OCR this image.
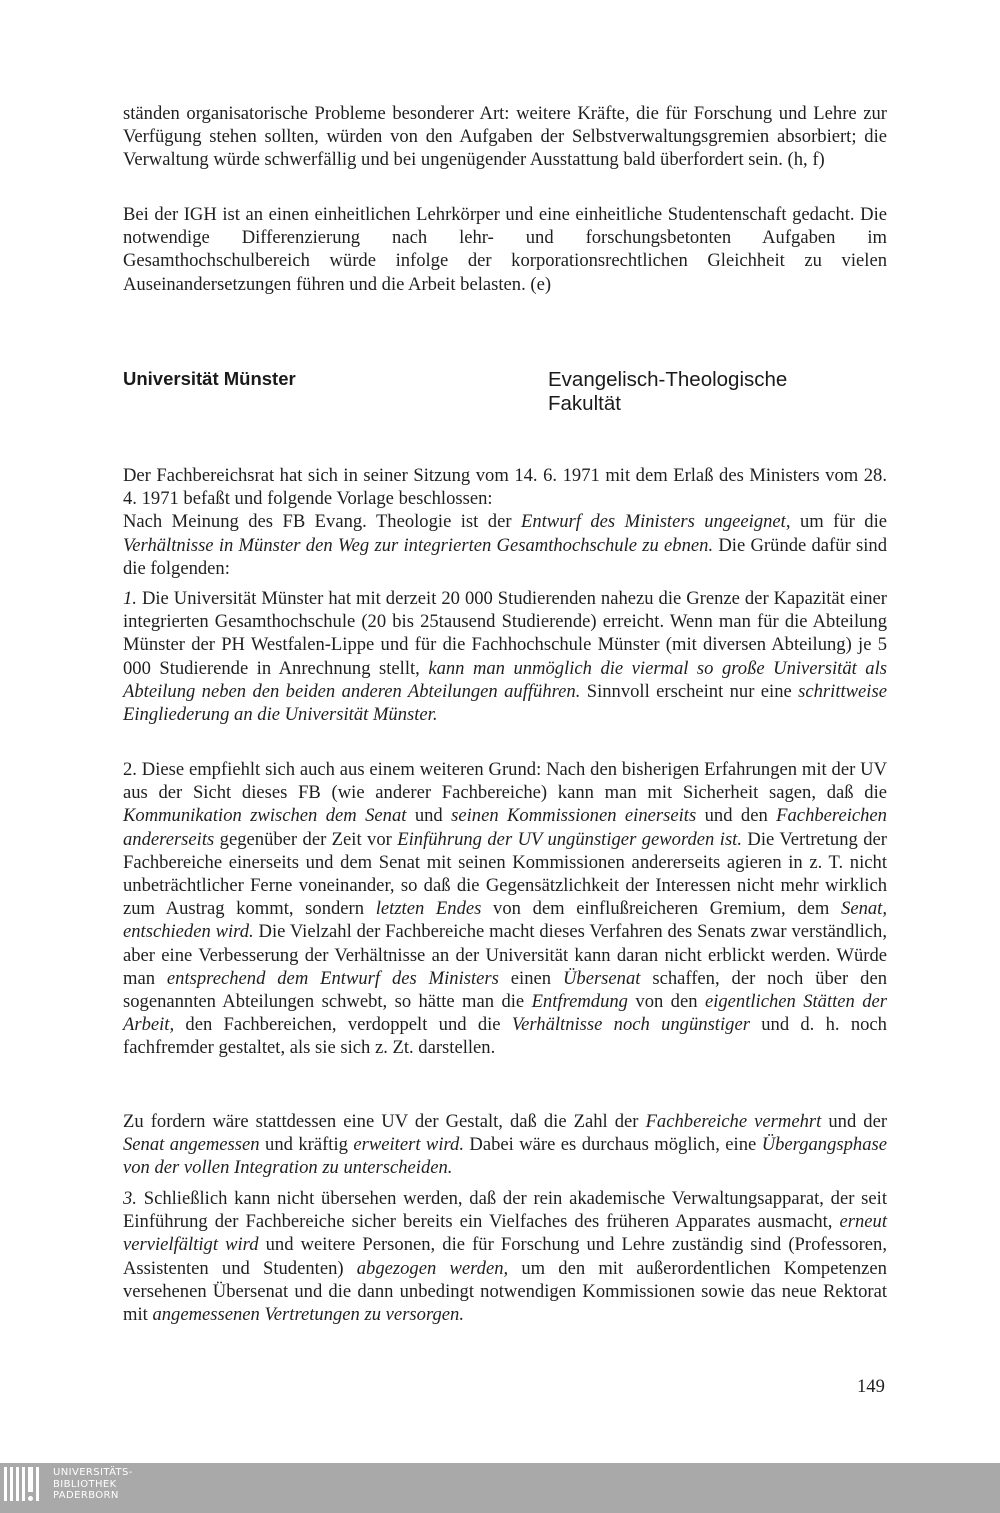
ständen organisatorische Probleme besonderer Art: weitere Kräfte, die für Forschung und Lehre zur Verfügung stehen sollten, würden von den Aufgaben der Selbstverwaltungsgremien absorbiert; die Verwaltung würde schwerfällig und bei ungenügender Ausstattung bald überfordert sein. (h, f)

Bei der IGH ist an einen einheitlichen Lehrkörper und eine einheitliche Studentenschaft gedacht. Die notwendige Differenzierung nach lehr- und forschungsbetonten Aufgaben im Gesamthochschulbereich würde infolge der korporationsrechtlichen Gleichheit zu vielen Auseinandersetzungen führen und die Arbeit belasten. (e)

Universität Münster	Evangelisch-Theologische
Fakultät

Der Fachbereichsrat hat sich in seiner Sitzung vom 14. 6. 1971 mit dem Erlaß des Ministers vom 28. 4. 1971 befaßt und folgende Vorlage beschlossen:
Nach Meinung des FB Evang. Theologie ist der Entwurf des Ministers ungeeignet, um für die Verhältnisse in Münster den Weg zur integrierten Gesamthochschule zu ebnen. Die Gründe dafür sind die folgenden:

1. Die Universität Münster hat mit derzeit 20 000 Studierenden nahezu die Grenze der Kapazität einer integrierten Gesamthochschule (20 bis 25tausend Studierende) erreicht. Wenn man für die Abteilung Münster der PH Westfalen-Lippe und für die Fachhochschule Münster (mit diversen Abteilung) je 5 000 Studierende in Anrechnung stellt, kann man unmöglich die viermal so große Universität als Abteilung neben den beiden anderen Abteilungen aufführen. Sinnvoll erscheint nur eine schrittweise Eingliederung an die Universität Münster.

2. Diese empfiehlt sich auch aus einem weiteren Grund: Nach den bisherigen Erfahrungen mit der UV aus der Sicht dieses FB (wie anderer Fachbereiche) kann man mit Sicherheit sagen, daß die Kommunikation zwischen dem Senat und seinen Kommissionen einerseits und den Fachbereichen andererseits gegenüber der Zeit vor Einführung der UV ungünstiger geworden ist. Die Vertretung der Fachbereiche einerseits und dem Senat mit seinen Kommissionen andererseits agieren in z. T. nicht unbeträchtlicher Ferne voneinander, so daß die Gegensätzlichkeit der Interessen nicht mehr wirklich zum Austrag kommt, sondern letzten Endes von dem einflußreicheren Gremium, dem Senat, entschieden wird. Die Vielzahl der Fachbereiche macht dieses Verfahren des Senats zwar verständlich, aber eine Verbesserung der Verhältnisse an der Universität kann daran nicht erblickt werden. Würde man entsprechend dem Entwurf des Ministers einen Übersenat schaffen, der noch über den sogenannten Abteilungen schwebt, so hätte man die Entfremdung von den eigentlichen Stätten der Arbeit, den Fachbereichen, verdoppelt und die Verhältnisse noch ungünstiger und d. h. noch fachfremder gestaltet, als sie sich z. Zt. darstellen.

Zu fordern wäre stattdessen eine UV der Gestalt, daß die Zahl der Fachbereiche vermehrt und der Senat angemessen und kräftig erweitert wird. Dabei wäre es durchaus möglich, eine Übergangsphase von der vollen Integration zu unterscheiden.

3. Schließlich kann nicht übersehen werden, daß der rein akademische Verwaltungsapparat, der seit Einführung der Fachbereiche sicher bereits ein Vielfaches des früheren Apparates ausmacht, erneut vervielfältigt wird und weitere Personen, die für Forschung und Lehre zuständig sind (Professoren, Assistenten und Studenten) abgezogen werden, um den mit außerordentlichen Kompetenzen versehenen Übersenat und die dann unbedingt notwendigen Kommissionen sowie das neue Rektorat mit angemessenen Vertretungen zu versorgen.

149
UNIVERSITÄTS-
BIBLIOTHEK
PADERBORN
